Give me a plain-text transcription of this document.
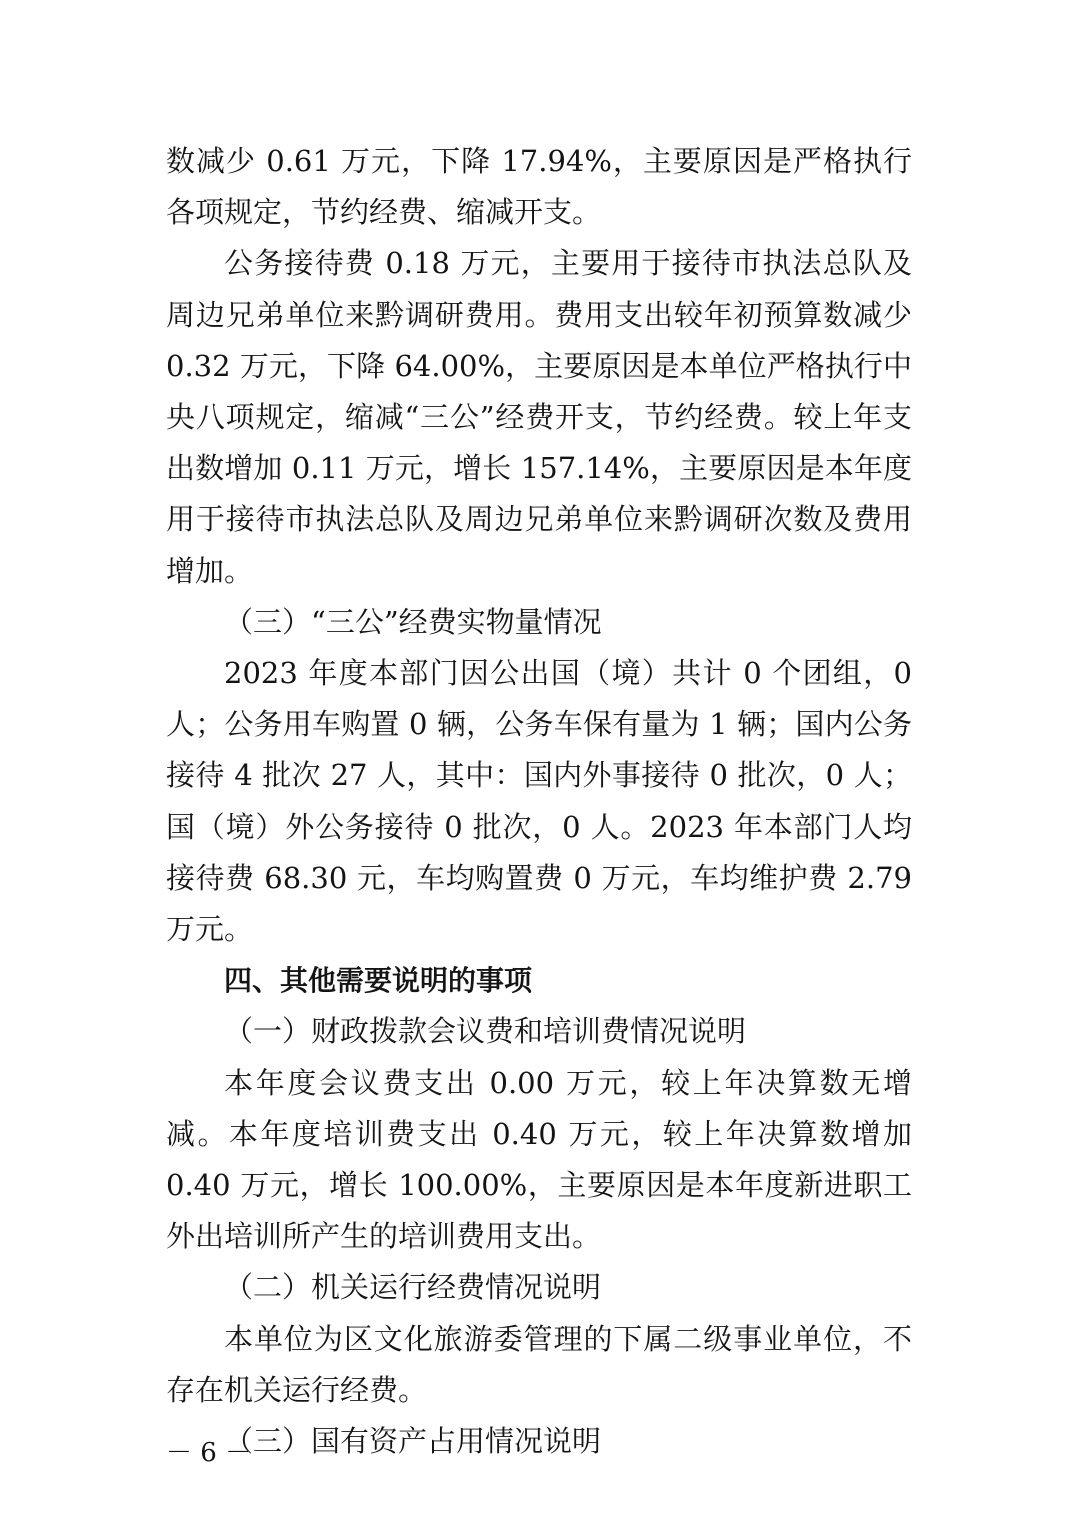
数减少 0.61 万元，下降 17.94%，主要原因是严格执行各项规定，节约经费、缩减开支。

公务接待费 0.18 万元，主要用于接待市执法总队及周边兄弟单位来黔调研费用。费用支出较年初预算数减少 0.32 万元，下降 64.00%，主要原因是本单位严格执行中央八项规定，缩减“三公”经费开支，节约经费。较上年支出数增加 0.11 万元，增长 157.14%，主要原因是本年度用于接待市执法总队及周边兄弟单位来黔调研次数及费用增加。

（三）“三公”经费实物量情况

2023 年度本部门因公出国（境）共计 0 个团组，0 人；公务用车购置 0 辆，公务车保有量为 1 辆；国内公务接待 4 批次 27 人，其中：国内外事接待 0 批次，0 人；国（境）外公务接待 0 批次，0 人。2023 年本部门人均接待费 68.30 元，车均购置费 0 万元，车均维护费 2.79 万元。

四、其他需要说明的事项

（一）财政拨款会议费和培训费情况说明

本年度会议费支出 0.00 万元，较上年决算数无增减。本年度培训费支出 0.40 万元，较上年决算数增加 0.40 万元，增长 100.00%，主要原因是本年度新进职工外出培训所产生的培训费用支出。

（二）机关运行经费情况说明

本单位为区文化旅游委管理的下属二级事业单位，不存在机关运行经费。

（三）国有资产占用情况说明

－ 6 －
